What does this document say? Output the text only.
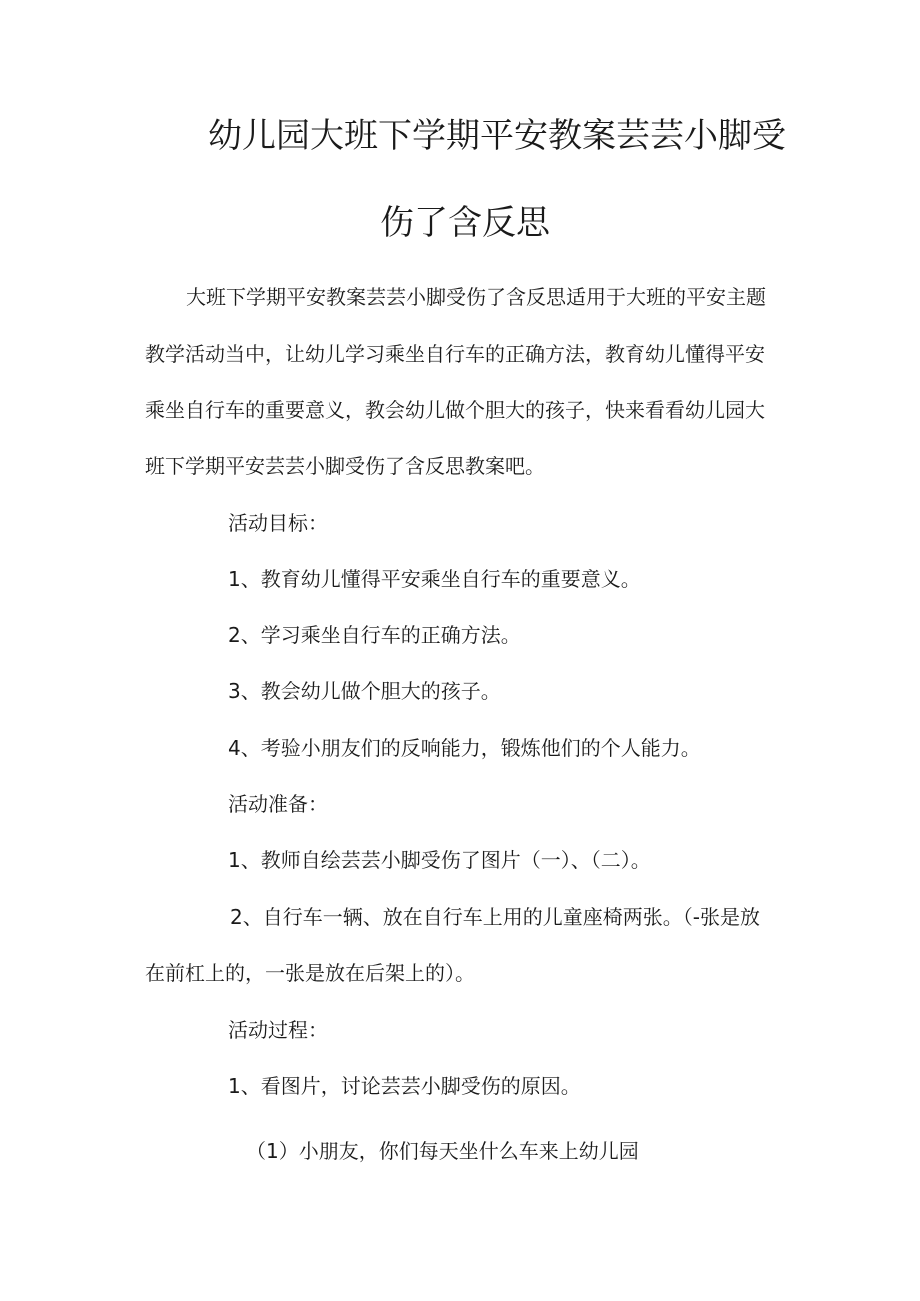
幼儿园大班下学期平安教案芸芸小脚受
伤了含反思
大班下学期平安教案芸芸小脚受伤了含反思适用于大班的平安主题
教学活动当中，让幼儿学习乘坐自行车的正确方法，教育幼儿懂得平安
乘坐自行车的重要意义，教会幼儿做个胆大的孩子，快来看看幼儿园大
班下学期平安芸芸小脚受伤了含反思教案吧。
活动目标：
1、教育幼儿懂得平安乘坐自行车的重要意义。
2、学习乘坐自行车的正确方法。
3、教会幼儿做个胆大的孩子。
4、考验小朋友们的反响能力，锻炼他们的个人能力。
活动准备：
1、教师自绘芸芸小脚受伤了图片（一）、（二）。
2、自行车一辆、放在自行车上用的儿童座椅两张。（-张是放
在前杠上的，一张是放在后架上的）。
活动过程：
1、看图片，讨论芸芸小脚受伤的原因。
（1）小朋友，你们每天坐什么车来上幼儿园
